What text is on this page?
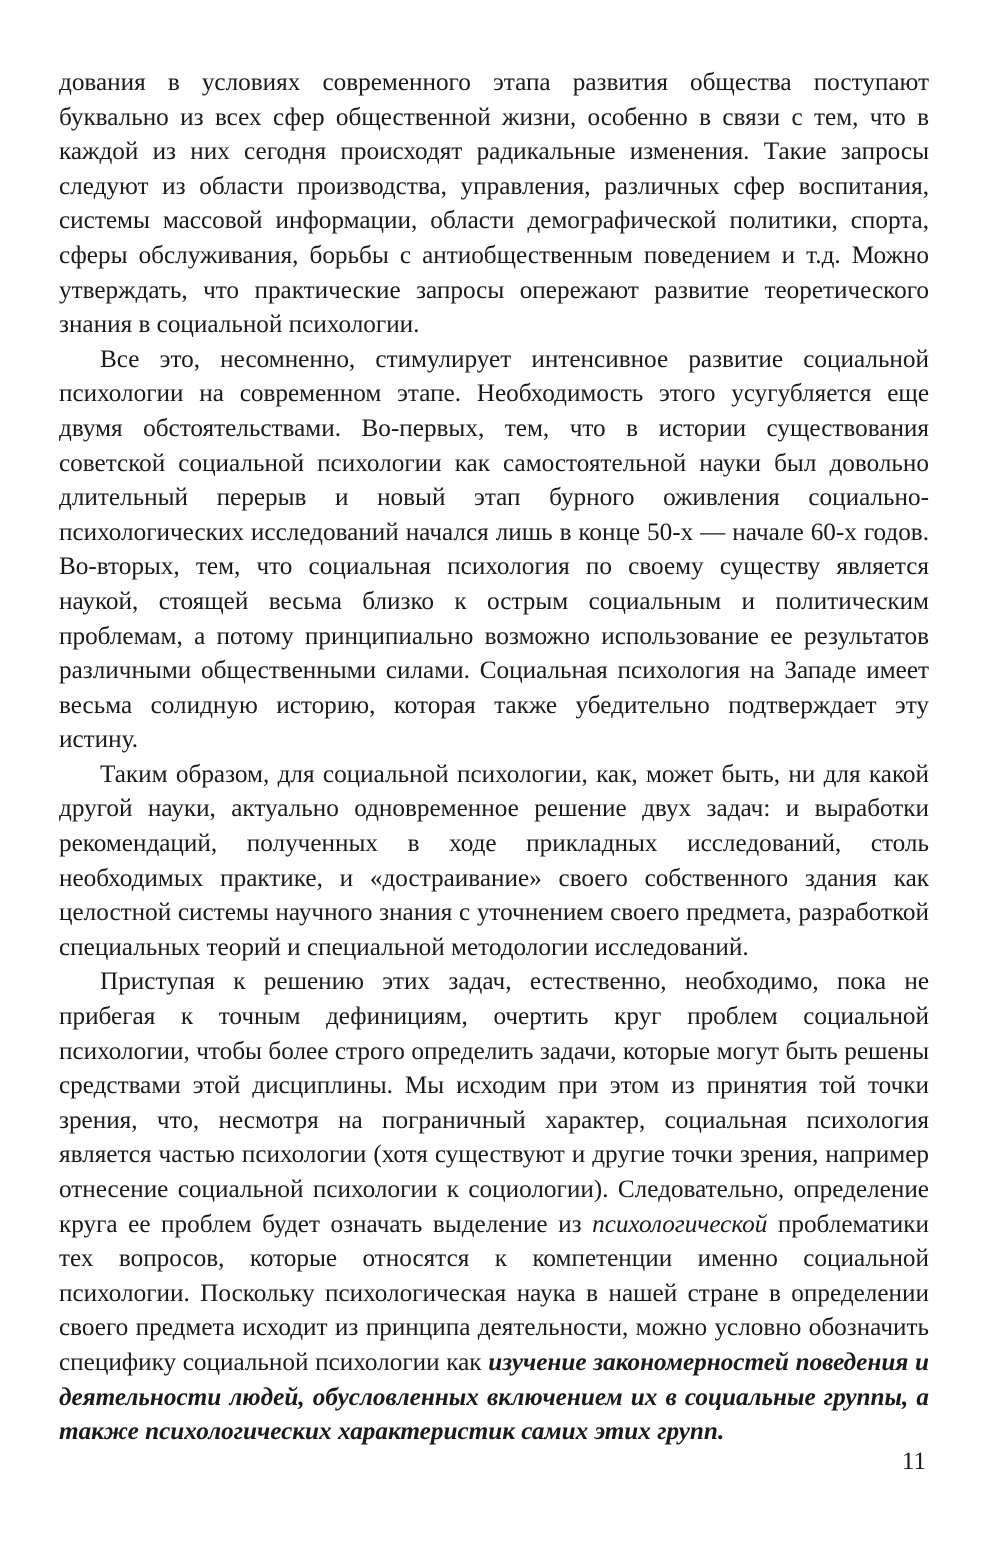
дования в условиях современного этапа развития общества поступают буквально из всех сфер общественной жизни, особенно в связи с тем, что в каждой из них сегодня происходят радикальные изменения. Такие запросы следуют из области производства, управления, различных сфер воспитания, системы массовой информации, области демографической политики, спорта, сферы обслуживания, борьбы с антиобщественным поведением и т.д. Можно утверждать, что практические запросы опережают развитие теоретического знания в социальной психологии.

Все это, несомненно, стимулирует интенсивное развитие социальной психологии на современном этапе. Необходимость этого усугубляется еще двумя обстоятельствами. Во-первых, тем, что в истории существования советской социальной психологии как самостоятельной науки был довольно длительный перерыв и новый этап бурного оживления социально-психологических исследований начался лишь в конце 50-х — начале 60-х годов. Во-вторых, тем, что социальная психология по своему существу является наукой, стоящей весьма близко к острым социальным и политическим проблемам, а потому принципиально возможно использование ее результатов различными общественными силами. Социальная психология на Западе имеет весьма солидную историю, которая также убедительно подтверждает эту истину.

Таким образом, для социальной психологии, как, может быть, ни для какой другой науки, актуально одновременное решение двух задач: и выработки рекомендаций, полученных в ходе прикладных исследований, столь необходимых практике, и «достраивание» своего собственного здания как целостной системы научного знания с уточнением своего предмета, разработкой специальных теорий и специальной методологии исследований.

Приступая к решению этих задач, естественно, необходимо, пока не прибегая к точным дефинициям, очертить круг проблем социальной психологии, чтобы более строго определить задачи, которые могут быть решены средствами этой дисциплины. Мы исходим при этом из принятия той точки зрения, что, несмотря на пограничный характер, социальная психология является частью психологии (хотя существуют и другие точки зрения, например отнесение социальной психологии к социологии). Следовательно, определение круга ее проблем будет означать выделение из психологической проблематики тех вопросов, которые относятся к компетенции именно социальной психологии. Поскольку психологическая наука в нашей стране в определении своего предмета исходит из принципа деятельности, можно условно обозначить специфику социальной психологии как изучение закономерностей поведения и деятельности людей, обусловленных включением их в социальные группы, а также психологических характеристик самих этих групп.

11
